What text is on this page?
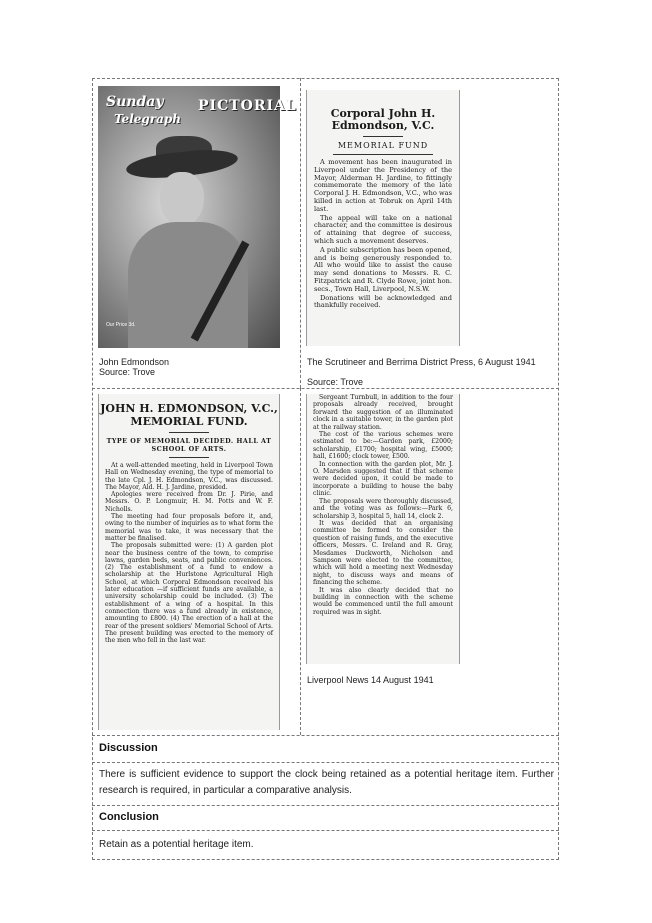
Sunday
Telegraph
PICTORIAL
Our Price 3d.
John Edmondson
Source: Trove
Corporal John H. Edmondson, V.C.
MEMORIAL FUND

A movement has been inaugurated in Liverpool under the Presidency of the Mayor, Alderman H. Jardine, to fittingly commemorate the memory of the late Corporal J. H. Edmondson, V.C., who was killed in action at Tobruk on April 14th last.

The appeal will take on a national character, and the committee is desirous of attaining that degree of success, which such a movement deserves.

A public subscription has been opened, and is being generously responded to. All who would like to assist the cause may send donations to Messrs. R. C. Fitzpatrick and R. Clyde Rowe, joint hon. secs., Town Hall, Liverpool, N.S.W.

Donations will be acknowledged and thankfully received.

The Scrutineer and Berrima District Press, 6 August 1941
Source: Trove
JOHN H. EDMONDSON, V.C., MEMORIAL FUND.
TYPE OF MEMORIAL DECIDED. HALL AT SCHOOL OF ARTS.

At a well-attended meeting, held in Liverpool Town Hall on Wednesday evening, the type of memorial to the late Cpl. J. H. Edmondson, V.C., was discussed. The Mayor, Ald. H. J. Jardine, presided.

Apologies were received from Dr. J. Pirie, and Messrs. O. P. Longmuir, H. M. Potts and W. F. Nicholls.

The meeting had four proposals before it, and, owing to the number of inquiries as to what form the memorial was to take, it was necessary that the matter be finalised.

The proposals submitted were: (1) A garden plot near the business centre of the town, to comprise lawns, garden beds, seats, and public conveniences. (2) The establishment of a fund to endow a scholarship at the Hurlstone Agricultural High School, at which Corporal Edmondson received his later education —if sufficient funds are available, a university scholarship could be included. (3) The establishment of a wing of a hospital. In this connection there was a fund already in existence, amounting to £800. (4) The erection of a hall at the rear of the present soldiers' Memorial School of Arts. The present building was erected to the memory of the men who fell in the last war.

Sergeant Turnbull, in addition to the four proposals already received, brought forward the suggestion of an illuminated clock in a suitable tower, in the garden plot at the railway station.

The cost of the various schemes were estimated to be:—Garden park, £2000; scholarship, £1700; hospital wing, £5000; hall, £1600; clock tower, £500.

In connection with the garden plot, Mr. J. O. Marsden suggested that if that scheme were decided upon, it could be made to incorporate a building to house the baby clinic.

The proposals were thoroughly discussed, and the voting was as follows:—Park 6, scholarship 3, hospital 5, hall 14, clock 2.

It was decided that an organising committee be formed to consider the question of raising funds, and the executive officers, Messrs. C. Ireland and R. Gray, Mesdames Duckworth, Nicholson and Sampson were elected to the committee, which will hold a meeting next Wednesday night, to discuss ways and means of financing the scheme.

It was also clearly decided that no building in connection with the scheme would be commenced until the full amount required was in sight.

Liverpool News 14 August 1941
Discussion
There is sufficient evidence to support the clock being retained as a potential heritage item. Further research is required, in particular a comparative analysis.
Conclusion
Retain as a potential heritage item.
